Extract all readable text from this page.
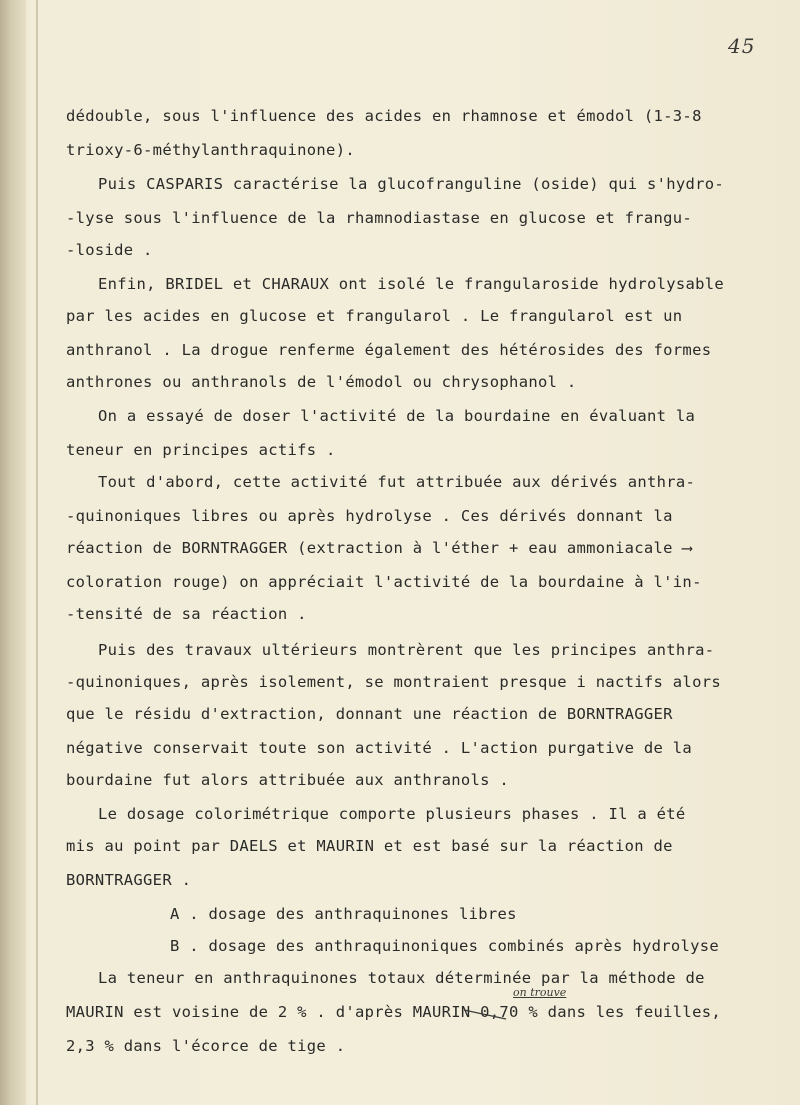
45
dédouble, sous l'influence des acides en rhamnose et émodol (1-3-8
trioxy-6-méthylanthraquinone).
Puis CASPARIS caractérise la glucofranguline (oside) qui s'hydro-
-lyse sous l'influence de la rhamnodiastase en glucose et frangu-
-loside .
Enfin, BRIDEL et CHARAUX ont isolé le frangularoside hydrolysable
par les acides en glucose et frangularol . Le frangularol est un
anthranol . La drogue renferme également des hétérosides des formes
anthrones ou anthranols de l'émodol ou chrysophanol .
On a essayé de doser l'activité de la bourdaine en évaluant la
teneur en principes actifs .
Tout d'abord, cette activité fut attribuée aux dérivés anthra-
-quinoniques libres ou après hydrolyse . Ces dérivés donnant la
réaction de BORNTRAGGER (extraction à l'éther + eau ammoniacale ⟶
coloration rouge) on appréciait l'activité de la bourdaine à l'in-
-tensité de sa réaction .
Puis des travaux ultérieurs montrèrent que les principes anthra-
-quinoniques, après isolement, se montraient presque i nactifs alors
que le résidu d'extraction, donnant une réaction de BORNTRAGGER
négative conservait toute son activité . L'action purgative de la
bourdaine fut alors attribuée aux anthranols .
Le dosage colorimétrique comporte plusieurs phases . Il a été
mis au point par DAELS et MAURIN et est basé sur la réaction de
BORNTRAGGER .
A . dosage des anthraquinones libres
B . dosage des anthraquinoniques combinés après hydrolyse
La teneur en anthraquinones totaux déterminée par la méthode de
MAURIN est voisine de 2 % . d'après MAURIN 0,70 % dans les feuilles,
2,3 % dans l'écorce de tige .
on trouve
